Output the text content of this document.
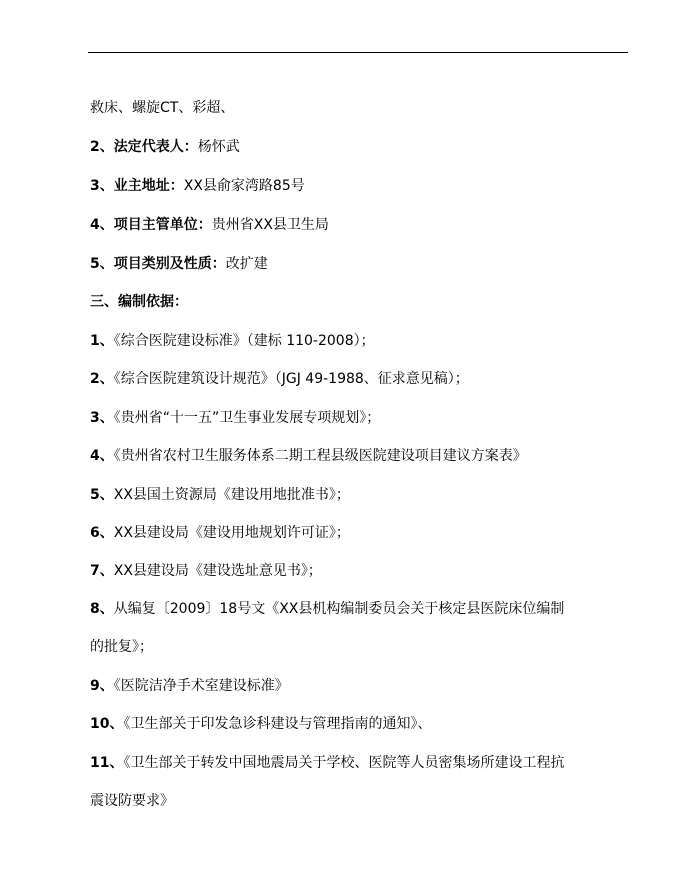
救床、螺旋CT、彩超、
2、法定代表人：杨怀武
3、业主地址：XX县俞家湾路85号
4、项目主管单位：贵州省XX县卫生局
5、项目类别及性质：改扩建
三、编制依据：
1、《综合医院建设标准》（建标 110-2008）；
2、《综合医院建筑设计规范》（JGJ 49-1988、征求意见稿）；
3、《贵州省“十一五”卫生事业发展专项规划》；
4、《贵州省农村卫生服务体系二期工程县级医院建设项目建议方案表》
5、XX县国土资源局《建设用地批准书》；
6、XX县建设局《建设用地规划许可证》；
7、XX县建设局《建设选址意见书》；
8、从编复〔2009〕18号文《XX县机构编制委员会关于核定县医院床位编制
的批复》；
9、《医院洁净手术室建设标准》
10、《卫生部关于印发急诊科建设与管理指南的通知》、
11、《卫生部关于转发中国地震局关于学校、医院等人员密集场所建设工程抗
震设防要求》
